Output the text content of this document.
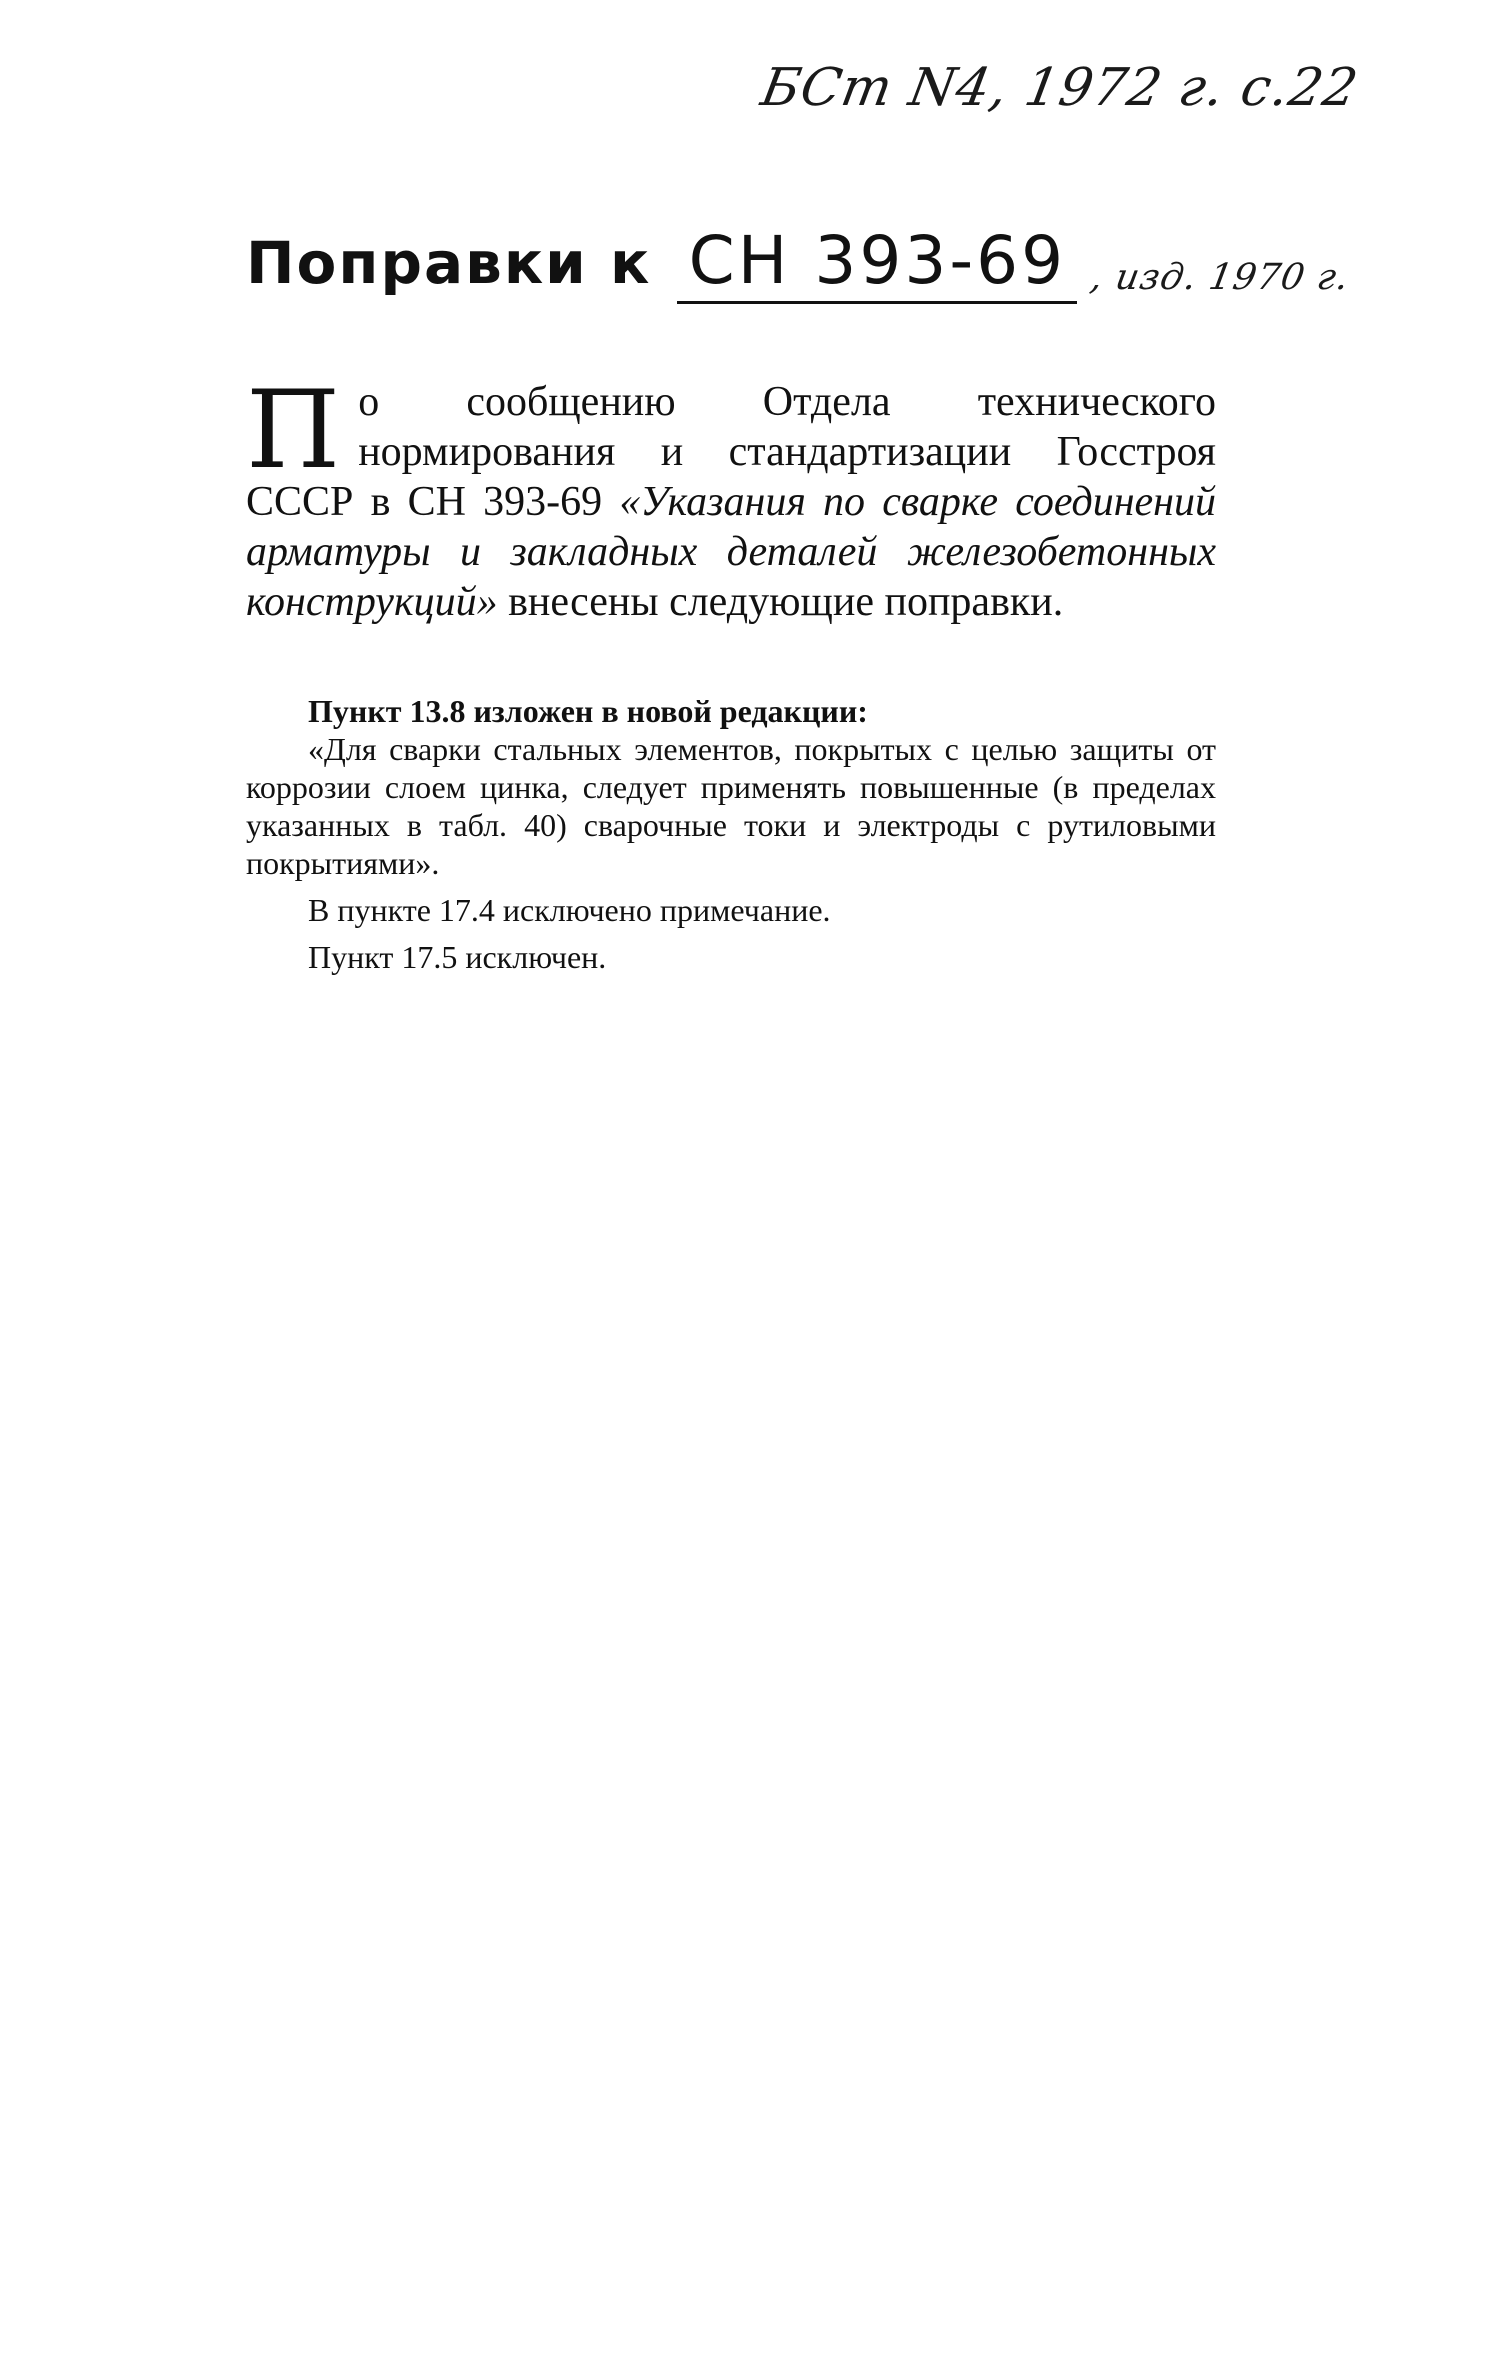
БСт N4, 1972 г. с.22
Поправки к СН 393-69 , изд. 1970 г.
П о сообщению Отдела технического нормирования и стандартизации Госстроя СССР в СН 393-69 «Указания по сварке соединений арматуры и закладных деталей железобетонных конструкций» внесены следующие поправки.

Пункт 13.8 изложен в новой редакции:

«Для сварки стальных элементов, покрытых с целью защиты от коррозии слоем цинка, следует применять повышенные (в пределах указанных в табл. 40) сварочные токи и электроды с рутиловыми покрытиями».

В пункте 17.4 исключено примечание.

Пункт 17.5 исключен.
